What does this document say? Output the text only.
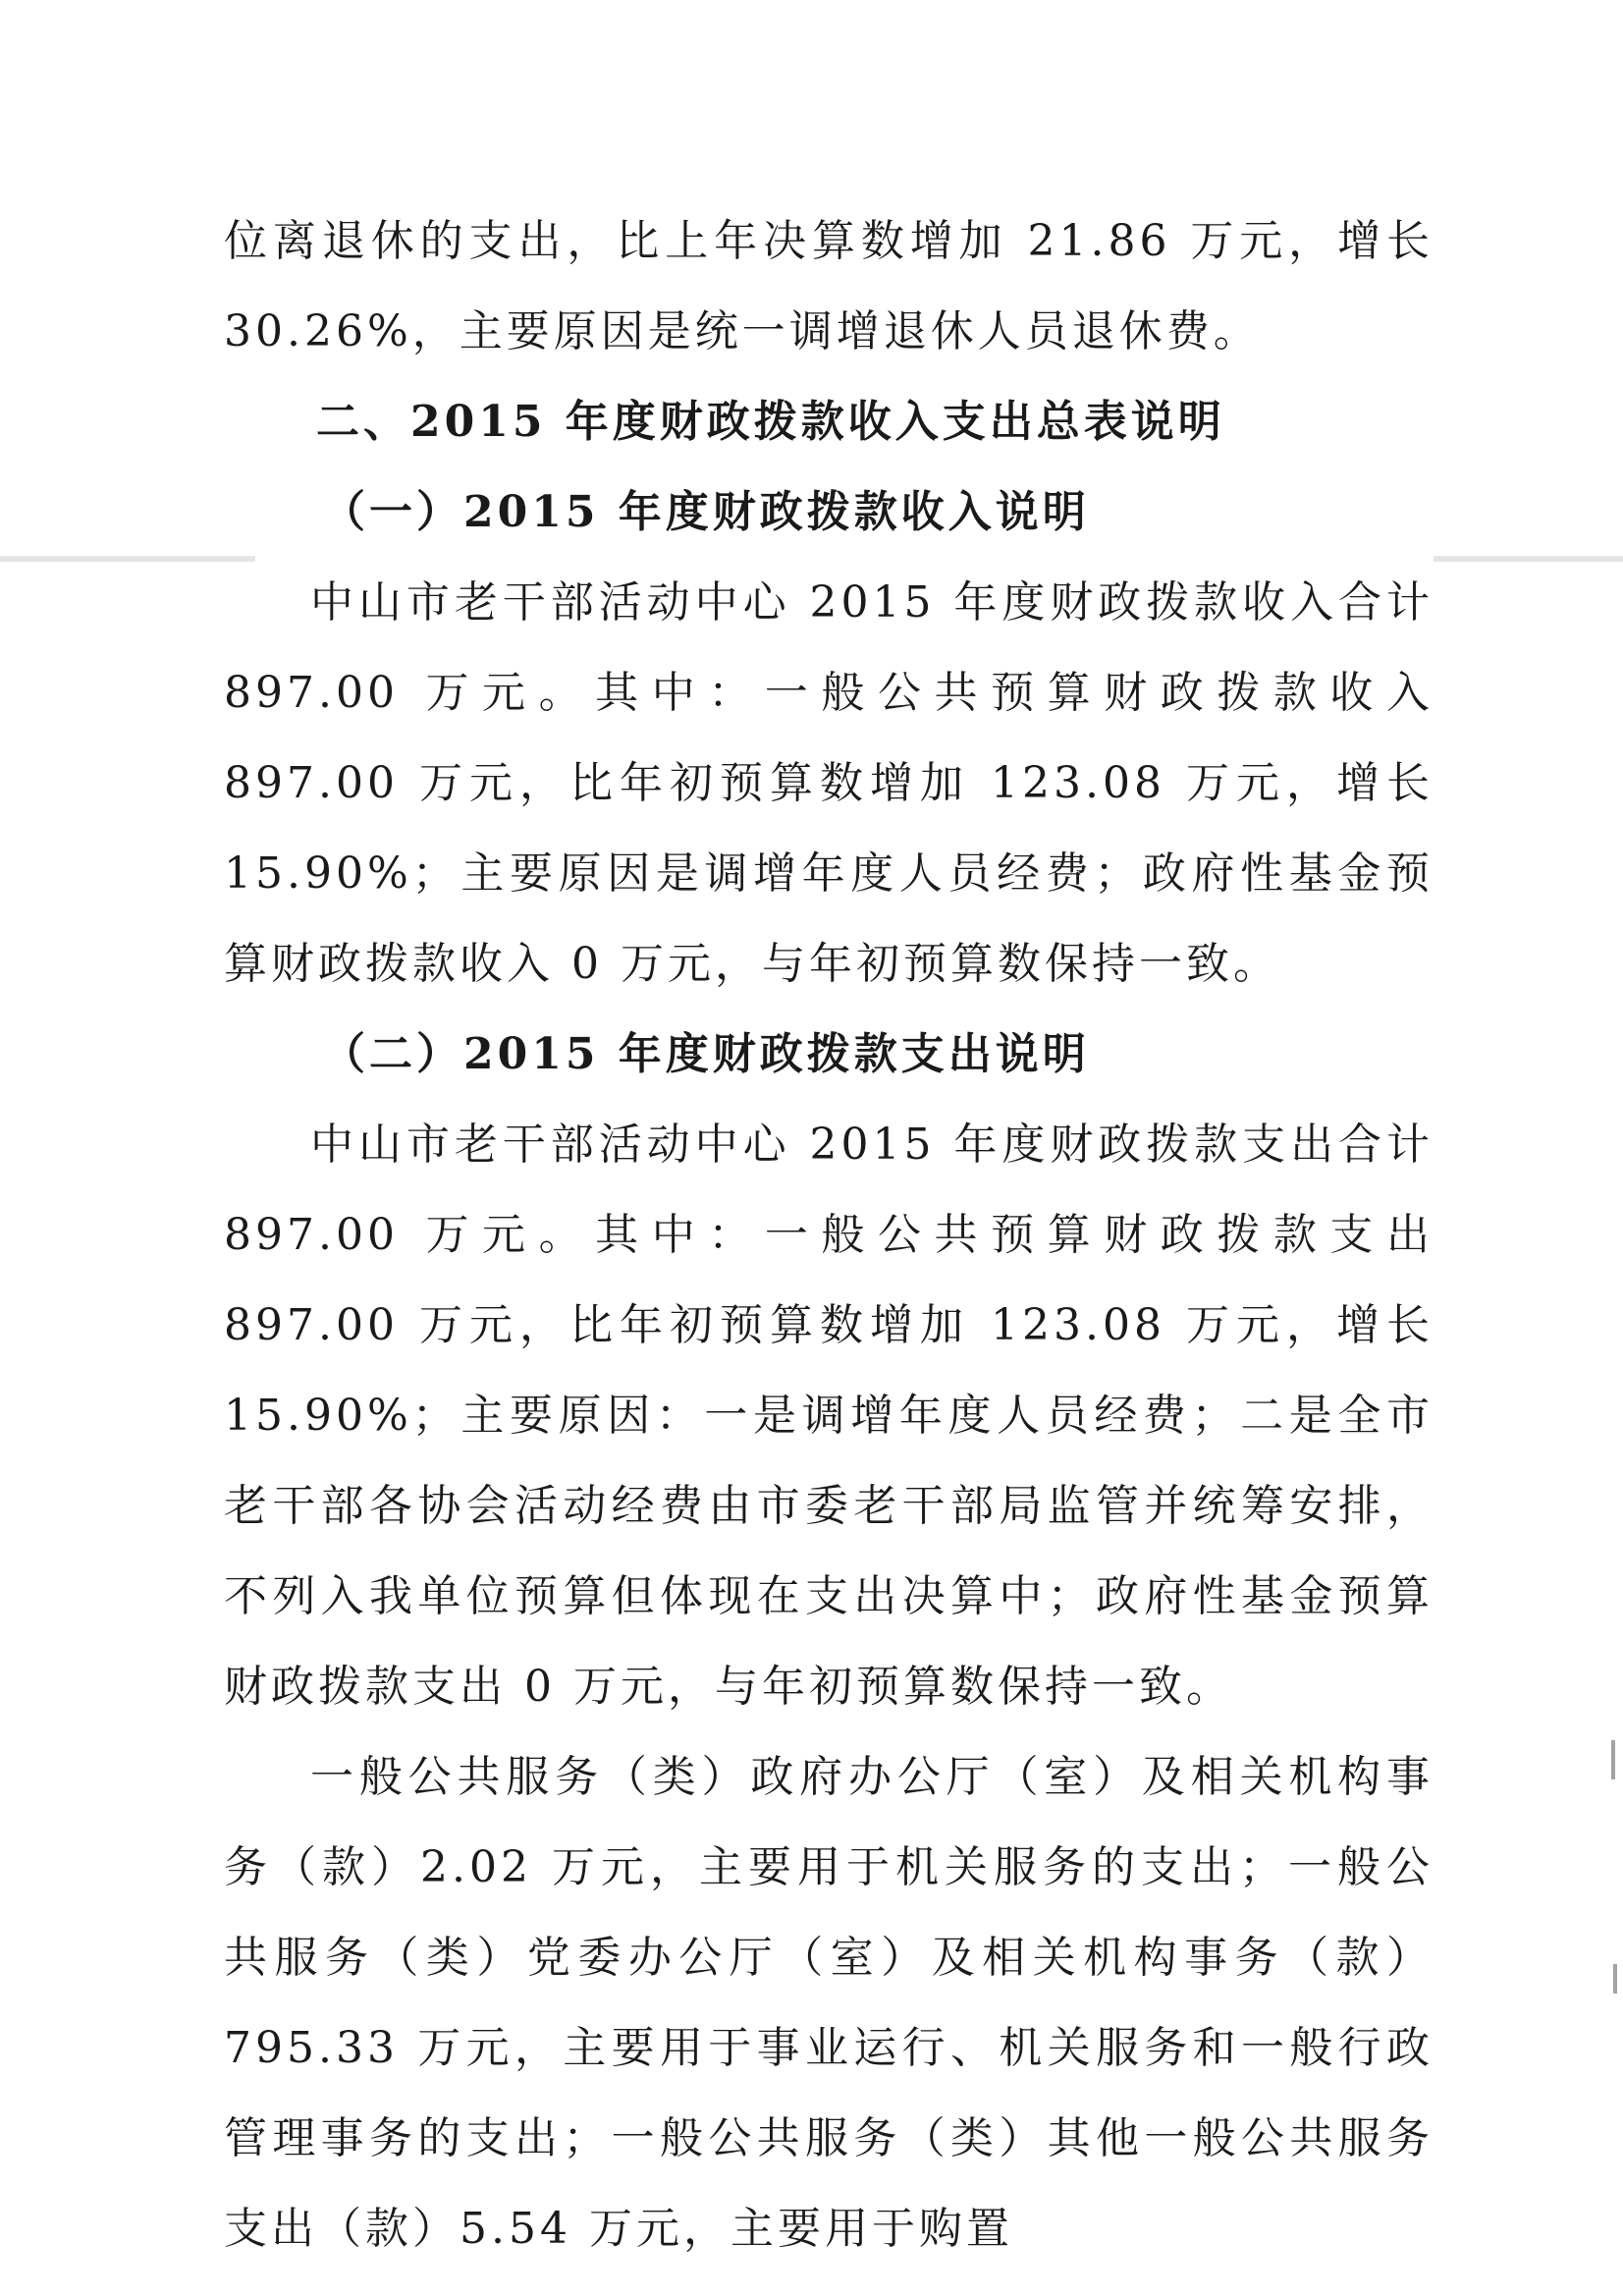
位离退休的支出，比上年决算数增加 21.86 万元，增长 30.26%，主要原因是统一调增退休人员退休费。

二、2015 年度财政拨款收入支出总表说明

（一）2015 年度财政拨款收入说明

中山市老干部活动中心 2015 年度财政拨款收入合计 897.00 万元。其中：一般公共预算财政拨款收入 897.00 万元，比年初预算数增加 123.08 万元，增长 15.90%；主要原因是调增年度人员经费；政府性基金预算财政拨款收入 0 万元，与年初预算数保持一致。

（二）2015 年度财政拨款支出说明

中山市老干部活动中心 2015 年度财政拨款支出合计 897.00 万元。其中：一般公共预算财政拨款支出 897.00 万元，比年初预算数增加 123.08 万元，增长 15.90%；主要原因：一是调增年度人员经费；二是全市老干部各协会活动经费由市委老干部局监管并统筹安排，不列入我单位预算但体现在支出决算中；政府性基金预算财政拨款支出 0 万元，与年初预算数保持一致。

一般公共服务（类）政府办公厅（室）及相关机构事务（款）2.02 万元，主要用于机关服务的支出；一般公共服务（类）党委办公厅（室）及相关机构事务（款）795.33 万元，主要用于事业运行、机关服务和一般行政管理事务的支出；一般公共服务（类）其他一般公共服务支出（款）5.54 万元，主要用于购置
